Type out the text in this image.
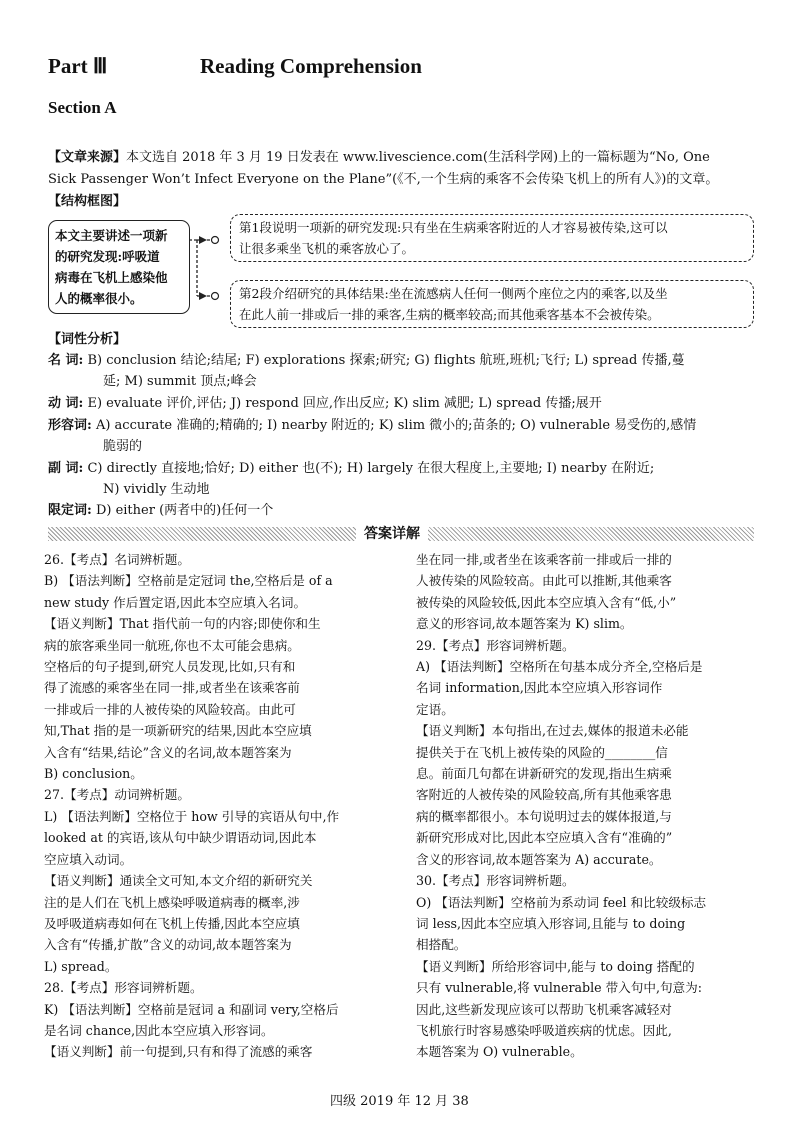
Part Ⅲ	Reading Comprehension
Section A
【文章来源】本文选自 2018 年 3 月 19 日发表在 www.livescience.com(生活科学网)上的一篇标题为“No, One
Sick Passenger Won’t Infect Everyone on the Plane”(《不,一个生病的乘客不会传染飞机上的所有人》)的文章。
【结构框图】
本文主要讲述一项新
的研究发现:呼吸道
病毒在飞机上感染他
人的概率很小。
第1段说明一项新的研究发现:只有坐在生病乘客附近的人才容易被传染,这可以
让很多乘坐飞机的乘客放心了。
第2段介绍研究的具体结果:坐在流感病人任何一侧两个座位之内的乘客,以及坐
在此人前一排或后一排的乘客,生病的概率较高;而其他乘客基本不会被传染。
【词性分析】
名 词: B) conclusion 结论;结尾; F) explorations 探索;研究; G) flights 航班,班机;飞行; L) spread 传播,蔓
延; M) summit 顶点;峰会
动 词: E) evaluate 评价,评估; J) respond 回应,作出反应; K) slim 减肥; L) spread 传播;展开
形容词: A) accurate 准确的;精确的; I) nearby 附近的; K) slim 微小的;苗条的; O) vulnerable 易受伤的,感情
脆弱的
副 词: C) directly 直接地;恰好; D) either 也(不); H) largely 在很大程度上,主要地; I) nearby 在附近;
N) vividly 生动地
限定词: D) either (两者中的)任何一个
答案详解
26.【考点】名词辨析题。
B) 【语法判断】空格前是定冠词 the,空格后是 of a
new study 作后置定语,因此本空应填入名词。
【语义判断】That 指代前一句的内容;即使你和生
病的旅客乘坐同一航班,你也不太可能会患病。
空格后的句子提到,研究人员发现,比如,只有和
得了流感的乘客坐在同一排,或者坐在该乘客前
一排或后一排的人被传染的风险较高。由此可
知,That 指的是一项新研究的结果,因此本空应填
入含有“结果,结论”含义的名词,故本题答案为
B) conclusion。
27.【考点】动词辨析题。
L) 【语法判断】空格位于 how 引导的宾语从句中,作
looked at 的宾语,该从句中缺少谓语动词,因此本
空应填入动词。
【语义判断】通读全文可知,本文介绍的新研究关
注的是人们在飞机上感染呼吸道病毒的概率,涉
及呼吸道病毒如何在飞机上传播,因此本空应填
入含有“传播,扩散”含义的动词,故本题答案为
L) spread。
28.【考点】形容词辨析题。
K) 【语法判断】空格前是冠词 a 和副词 very,空格后
是名词 chance,因此本空应填入形容词。
【语义判断】前一句提到,只有和得了流感的乘客
坐在同一排,或者坐在该乘客前一排或后一排的
人被传染的风险较高。由此可以推断,其他乘客
被传染的风险较低,因此本空应填入含有“低,小”
意义的形容词,故本题答案为 K) slim。
29.【考点】形容词辨析题。
A) 【语法判断】空格所在句基本成分齐全,空格后是
名词 information,因此本空应填入形容词作
定语。
【语义判断】本句指出,在过去,媒体的报道未必能
提供关于在飞机上被传染的风险的________信
息。前面几句都在讲新研究的发现,指出生病乘
客附近的人被传染的风险较高,所有其他乘客患
病的概率都很小。本句说明过去的媒体报道,与
新研究形成对比,因此本空应填入含有“准确的”
含义的形容词,故本题答案为 A) accurate。
30.【考点】形容词辨析题。
O) 【语法判断】空格前为系动词 feel 和比较级标志
词 less,因此本空应填入形容词,且能与 to doing
相搭配。
【语义判断】所给形容词中,能与 to doing 搭配的
只有 vulnerable,将 vulnerable 带入句中,句意为:
因此,这些新发现应该可以帮助飞机乘客减轻对
飞机旅行时容易感染呼吸道疾病的忧虑。因此,
本题答案为 O) vulnerable。
四级 2019 年 12 月 38
